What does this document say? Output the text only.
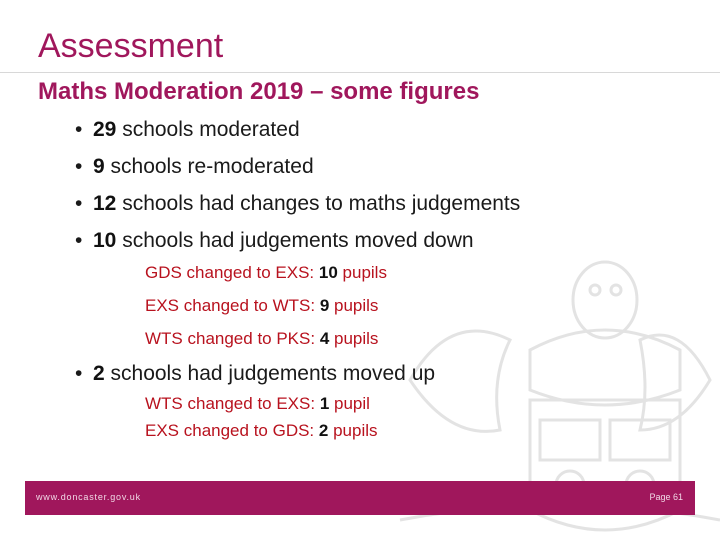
Assessment
Maths Moderation 2019 – some figures
• 29 schools moderated
• 9 schools re-moderated
• 12 schools had changes to maths judgements
• 10 schools had judgements moved down
• 2 schools had judgements moved up
GDS changed to EXS: 10 pupils
EXS changed to WTS: 9 pupils
WTS changed to PKS: 4 pupils
WTS changed to EXS: 1 pupil
EXS changed to GDS: 2 pupils
www.doncaster.gov.uk	Page 61
